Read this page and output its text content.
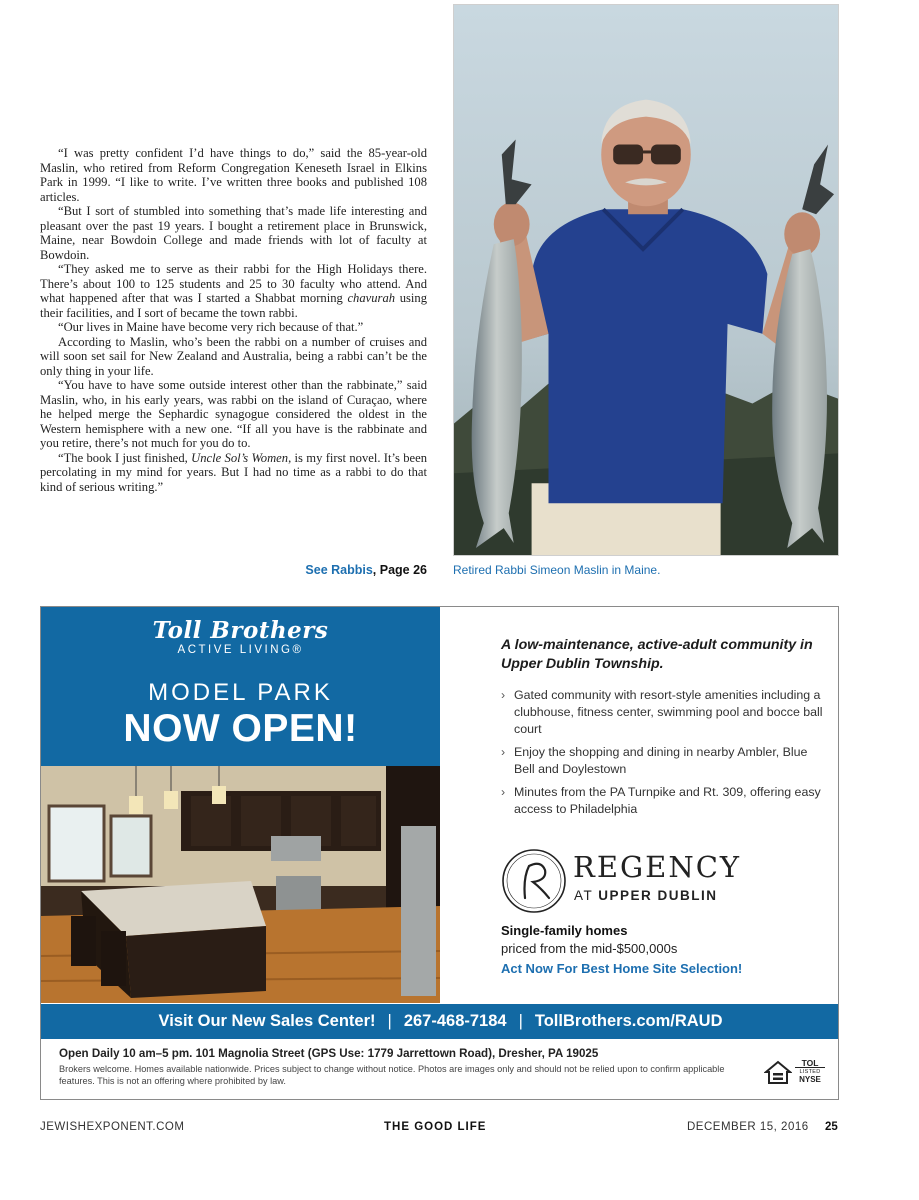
“I was pretty confident I’d have things to do,” said the 85-year-old Maslin, who retired from Reform Congregation Keneseth Israel in Elkins Park in 1999. “I like to write. I’ve written three books and published 108 articles.

“But I sort of stumbled into something that’s made life interesting and pleasant over the past 19 years. I bought a retirement place in Brunswick, Maine, near Bowdoin College and made friends with lot of faculty at Bowdoin.

“They asked me to serve as their rabbi for the High Holidays there. There’s about 100 to 125 students and 25 to 30 faculty who attend. And what happened after that was I started a Shabbat morning chavurah using their facilities, and I sort of became the town rabbi.

“Our lives in Maine have become very rich because of that.”

According to Maslin, who’s been the rabbi on a number of cruises and will soon set sail for New Zealand and Australia, being a rabbi can’t be the only thing in your life.

“You have to have some outside interest other than the rabbinate,” said Maslin, who, in his early years, was rabbi on the island of Curaçao, where he helped merge the Sephardic synagogue considered the oldest in the Western hemisphere with a new one. “If all you have is the rabbinate and you retire, there’s not much for you do to.

“The book I just finished, Uncle Sol’s Women, is my first novel. It’s been percolating in my mind for years. But I had no time as a rabbi to do that kind of serious writing.”

See Rabbis, Page 26 Retired Rabbi Simeon Maslin in Maine.
Toll Brothers
ACTIVE LIVING®
MODEL PARK
NOW OPEN!
A low-maintenance, active-adult community in Upper Dublin Township.
› Gated community with resort-style amenities including a clubhouse, fitness center, swimming pool and bocce ball court
› Enjoy the shopping and dining in nearby Ambler, Blue Bell and Doylestown
› Minutes from the PA Turnpike and Rt. 309, offering easy access to Philadelphia
REGENCY
AT UPPER DUBLIN
Single-family homes
priced from the mid-$500,000s
Act Now For Best Home Site Selection!
Visit Our New Sales Center! | 267-468-7184 | TollBrothers.com/RAUD
Open Daily 10 am–5 pm. 101 Magnolia Street (GPS Use: 1779 Jarrettown Road), Dresher, PA 19025
Brokers welcome. Homes available nationwide. Prices subject to change without notice. Photos are images only and should not be relied upon to confirm applicable features. This is not an offering where prohibited by law.
TOL
LISTED
NYSE
JEWISHEXPONENT.COM	THE GOOD LIFE	DECEMBER 15, 2016 25
